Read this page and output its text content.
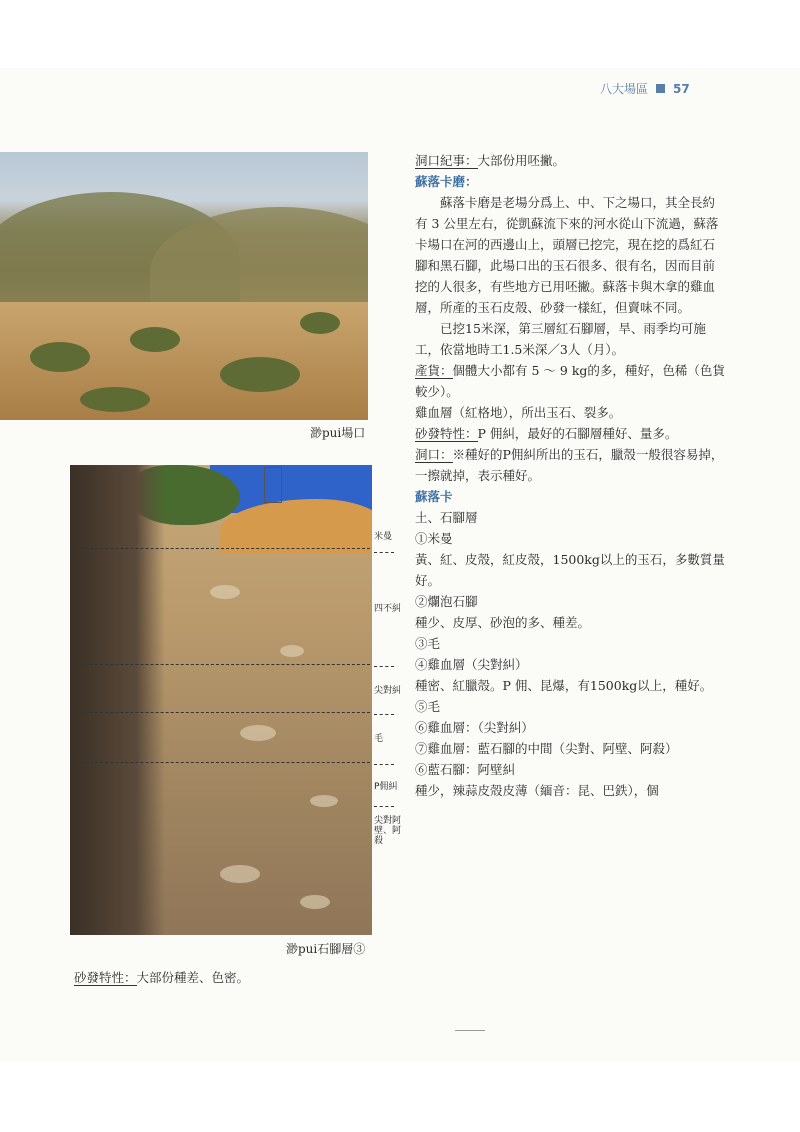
八大場區 57
渺pui場口
米曼
四不糾
尖對糾
毛
P佣糾
尖對阿壁、阿殺
渺pui石腳層③
砂發特性：大部份種差、色密。

洞口紀事：大部份用呸撇。

蘇落卡磨：

蘇落卡磨是老場分爲上、中、下之場口，其全長約有 3 公里左右，從凱蘇流下來的河水從山下流過，蘇落卡場口在河的西邊山上，頭層已挖完，現在挖的爲紅石腳和黑石腳，此場口出的玉石很多、很有名，因而目前挖的人很多，有些地方已用呸撇。蘇落卡與木拿的雞血層，所產的玉石皮殼、砂發一樣紅，但賣味不同。

已挖15米深，第三層紅石腳層，旱、雨季均可施工，依當地時工1.5米深／3人（月）。

產貨：個體大小都有 5 ～ 9 kg的多，種好，色稀（色貨較少）。

雞血層（紅格地），所出玉石、裂多。

砂發特性：P 佣糾，最好的石腳層種好、量多。

洞口：※種好的P佣糾所出的玉石，臘殼一般很容易掉，一擦就掉，表示種好。

蘇落卡

土、石腳層

①米曼

黃、紅、皮殼，紅皮殼，1500kg以上的玉石，多數質量好。

②爛泡石腳

種少、皮厚、砂泡的多、種差。

③毛

④雞血層（尖對糾）

種密、紅臘殼。P 佣、昆爆，有1500kg以上，種好。

⑤毛

⑥雞血層：（尖對糾）

⑦雞血層：藍石腳的中間（尖對、阿壁、阿殺）

⑥藍石腳：阿壁糾

種少，辣蒜皮殼皮薄（緬音：昆、巴鉄），個
